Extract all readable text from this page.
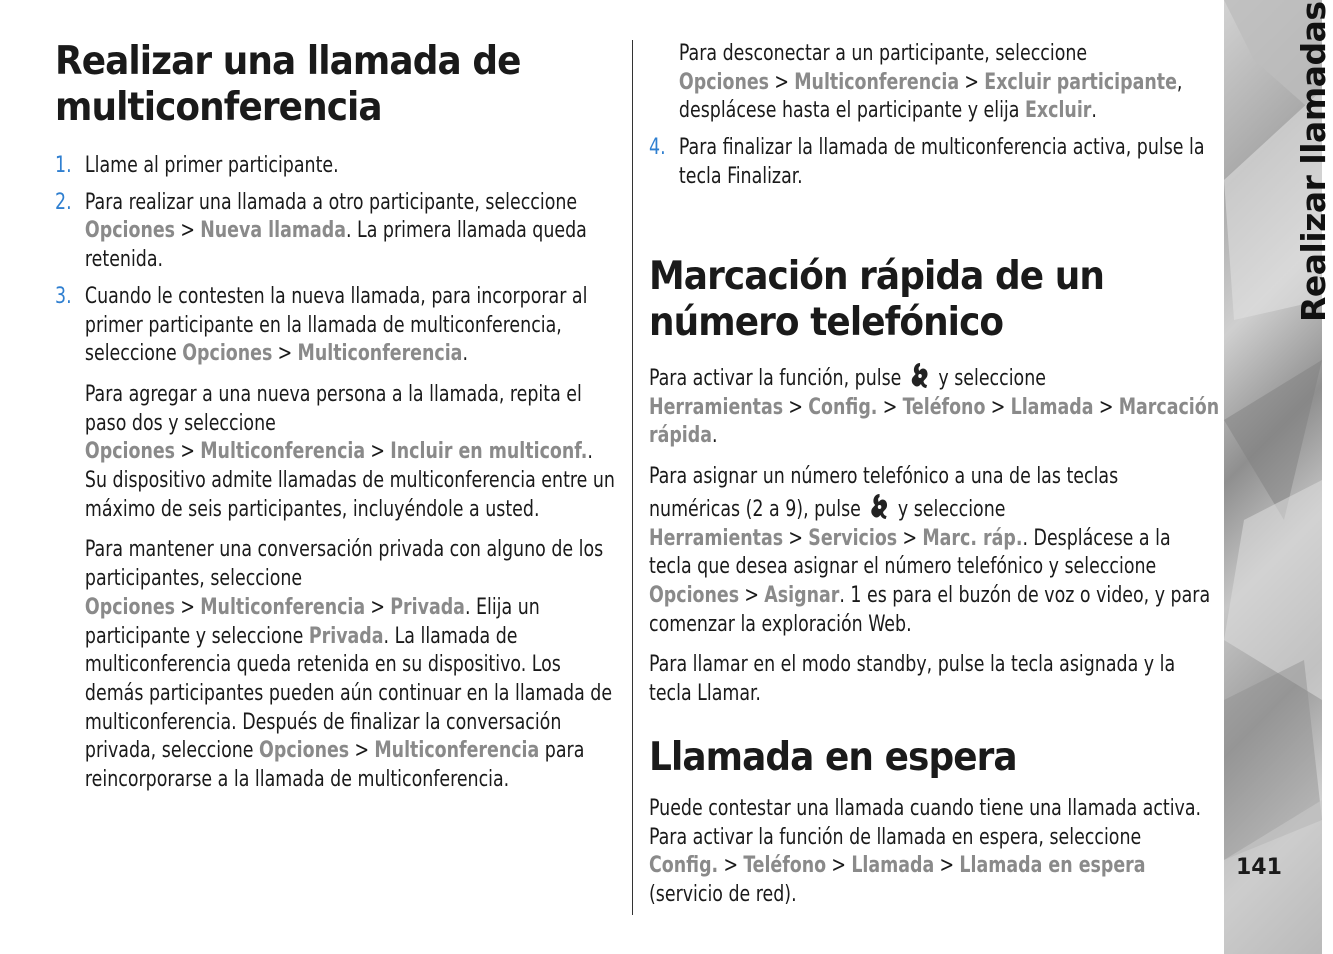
Realizar llamadas
141
Realizar una llamada de
multiconferencia
1. Llame al primer participante.
2. Para realizar una llamada a otro participante, seleccione Opciones > Nueva llamada. La primera llamada queda retenida.
3. Cuando le contesten la nueva llamada, para incorporar al primer participante en la llamada de multiconferencia, seleccione Opciones > Multiconferencia.

Para agregar a una nueva persona a la llamada, repita el paso dos y seleccione Opciones > Multiconferencia > Incluir en multiconf.. Su dispositivo admite llamadas de multiconferencia entre un máximo de seis participantes, incluyéndole a usted.

Para mantener una conversación privada con alguno de los participantes, seleccione Opciones > Multiconferencia > Privada. Elija un participante y seleccione Privada. La llamada de multiconferencia queda retenida en su dispositivo. Los demás participantes pueden aún continuar en la llamada de multiconferencia. Después de finalizar la conversación privada, seleccione Opciones > Multiconferencia para reincorporarse a la llamada de multiconferencia.

Para desconectar a un participante, seleccione Opciones > Multiconferencia > Excluir participante, desplácese hasta el participante y elija Excluir.

4. Para finalizar la llamada de multiconferencia activa, pulse la tecla Finalizar.
Marcación rápida de un
número telefónico

Para activar la función, pulse y seleccione Herramientas > Config. > Teléfono > Llamada > Marcación rápida.

Para asignar un número telefónico a una de las teclas numéricas (2 a 9), pulse y seleccione Herramientas > Servicios > Marc. ráp.. Desplácese a la tecla que desea asignar el número telefónico y seleccione Opciones > Asignar. 1 es para el buzón de voz o video, y para comenzar la exploración Web.

Para llamar en el modo standby, pulse la tecla asignada y la tecla Llamar.

Llamada en espera

Puede contestar una llamada cuando tiene una llamada activa. Para activar la función de llamada en espera, seleccione Config. > Teléfono > Llamada > Llamada en espera (servicio de red).
